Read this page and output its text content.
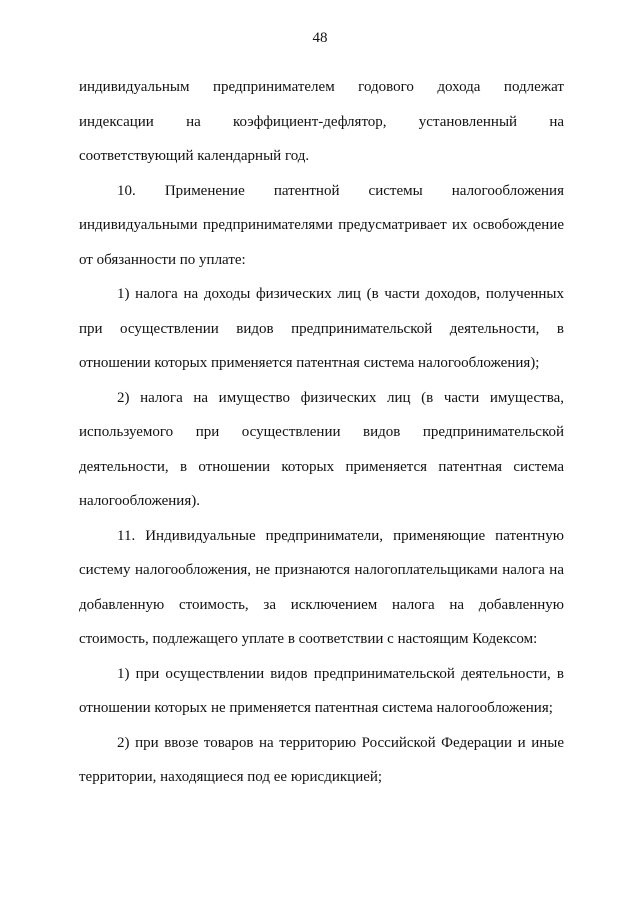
48

индивидуальным предпринимателем годового дохода подлежат
индексации на коэффициент-дефлятор, установленный на
соответствующий календарный год.

10. Применение патентной системы налогообложения
индивидуальными предпринимателями предусматривает их освобождение
от обязанности по уплате:

1) налога на доходы физических лиц (в части доходов, полученных
при осуществлении видов предпринимательской деятельности, в
отношении которых применяется патентная система налогообложения);

2) налога на имущество физических лиц (в части имущества,
используемого при осуществлении видов предпринимательской
деятельности, в отношении которых применяется патентная система
налогообложения).

11. Индивидуальные предприниматели, применяющие патентную
систему налогообложения, не признаются налогоплательщиками налога на
добавленную стоимость, за исключением налога на добавленную
стоимость, подлежащего уплате в соответствии с настоящим Кодексом:

1) при осуществлении видов предпринимательской деятельности, в
отношении которых не применяется патентная система налогообложения;

2) при ввозе товаров на территорию Российской Федерации и иные
территории, находящиеся под ее юрисдикцией;
